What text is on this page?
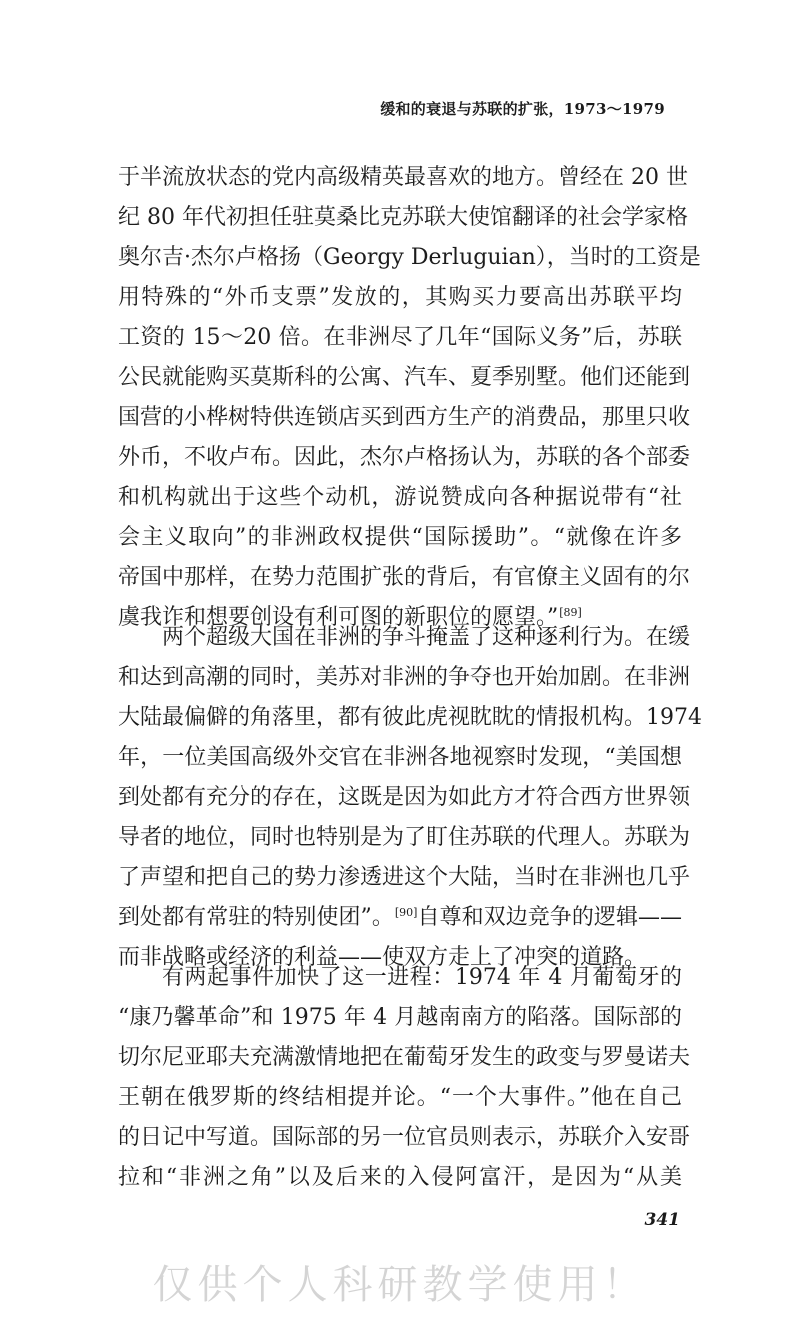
缓和的衰退与苏联的扩张，1973～1979
于半流放状态的党内高级精英最喜欢的地方。曾经在 20 世
纪 80 年代初担任驻莫桑比克苏联大使馆翻译的社会学家格
奥尔吉·杰尔卢格扬（Georgy Derluguian），当时的工资是
用特殊的“外币支票”发放的，其购买力要高出苏联平均
工资的 15～20 倍。在非洲尽了几年“国际义务”后，苏联
公民就能购买莫斯科的公寓、汽车、夏季别墅。他们还能到
国营的小桦树特供连锁店买到西方生产的消费品，那里只收
外币，不收卢布。因此，杰尔卢格扬认为，苏联的各个部委
和机构就出于这些个动机，游说赞成向各种据说带有“社
会主义取向”的非洲政权提供“国际援助”。“就像在许多
帝国中那样，在势力范围扩张的背后，有官僚主义固有的尔
虞我诈和想要创设有利可图的新职位的愿望。”[89]
两个超级大国在非洲的争斗掩盖了这种逐利行为。在缓
和达到高潮的同时，美苏对非洲的争夺也开始加剧。在非洲
大陆最偏僻的角落里，都有彼此虎视眈眈的情报机构。1974
年，一位美国高级外交官在非洲各地视察时发现，“美国想
到处都有充分的存在，这既是因为如此方才符合西方世界领
导者的地位，同时也特别是为了盯住苏联的代理人。苏联为
了声望和把自己的势力渗透进这个大陆，当时在非洲也几乎
到处都有常驻的特别使团”。[90]自尊和双边竞争的逻辑——
而非战略或经济的利益——使双方走上了冲突的道路。
有两起事件加快了这一进程：1974 年 4 月葡萄牙的
“康乃馨革命”和 1975 年 4 月越南南方的陷落。国际部的
切尔尼亚耶夫充满激情地把在葡萄牙发生的政变与罗曼诺夫
王朝在俄罗斯的终结相提并论。“一个大事件。”他在自己
的日记中写道。国际部的另一位官员则表示，苏联介入安哥
拉和“非洲之角”以及后来的入侵阿富汗，是因为“从美
341
仅供个人科研教学使用！
